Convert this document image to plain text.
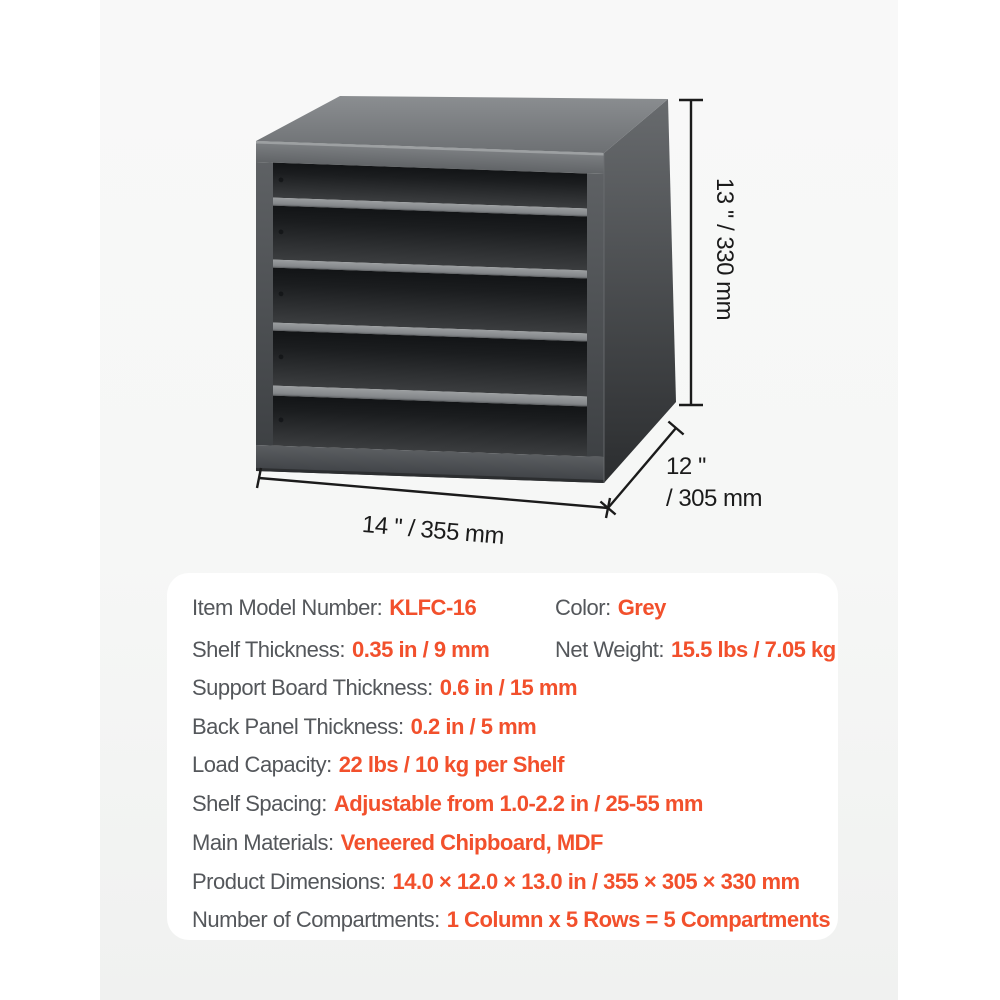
13 '' / 330 mm
14 '' / 355 mm
12 ''
/ 305 mm
Item Model Number: KLFC-16
Shelf Thickness: 0.35 in / 9 mm
Support Board Thickness: 0.6 in / 15 mm
Back Panel Thickness: 0.2 in / 5 mm
Load Capacity: 22 lbs / 10 kg per Shelf
Shelf Spacing: Adjustable from 1.0-2.2 in / 25-55 mm
Main Materials: Veneered Chipboard, MDF
Product Dimensions: 14.0 × 12.0 × 13.0 in / 355 × 305 × 330 mm
Number of Compartments: 1 Column x 5 Rows = 5 Compartments
Color: Grey
Net Weight: 15.5 lbs / 7.05 kg
